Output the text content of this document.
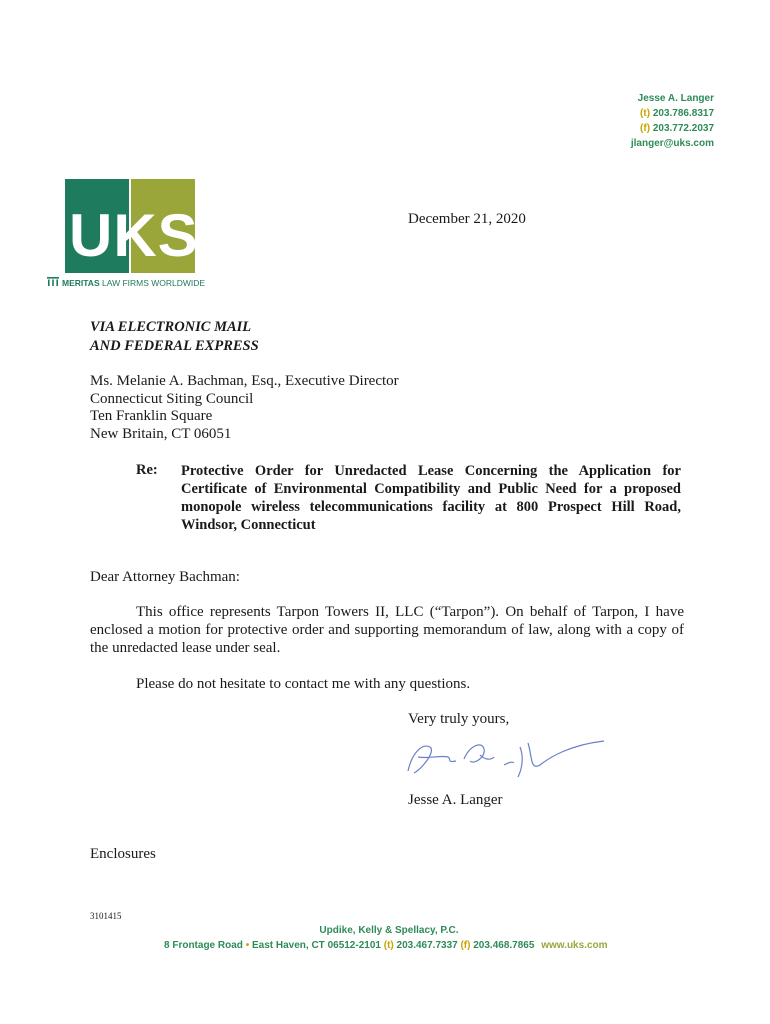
Jesse A. Langer
(t) 203.786.8317
(f) 203.772.2037
jlanger@uks.com
UKS
MERITAS LAW FIRMS WORLDWIDE
December 21, 2020
VIA ELECTRONIC MAIL
AND FEDERAL EXPRESS
Ms. Melanie A. Bachman, Esq., Executive Director
Connecticut Siting Council
Ten Franklin Square
New Britain, CT 06051
Re: Protective Order for Unredacted Lease Concerning the Application for Certificate of Environmental Compatibility and Public Need for a proposed monopole wireless telecommunications facility at 800 Prospect Hill Road, Windsor, Connecticut
Dear Attorney Bachman:
This office represents Tarpon Towers II, LLC (“Tarpon”). On behalf of Tarpon, I have enclosed a motion for protective order and supporting memorandum of law, along with a copy of the unredacted lease under seal.
Please do not hesitate to contact me with any questions.
Very truly yours,
Jesse A. Langer
Enclosures
3101415
Updike, Kelly & Spellacy, P.C.
8 Frontage Road • East Haven, CT 06512-2101 (t) 203.467.7337 (f) 203.468.7865 www.uks.com
